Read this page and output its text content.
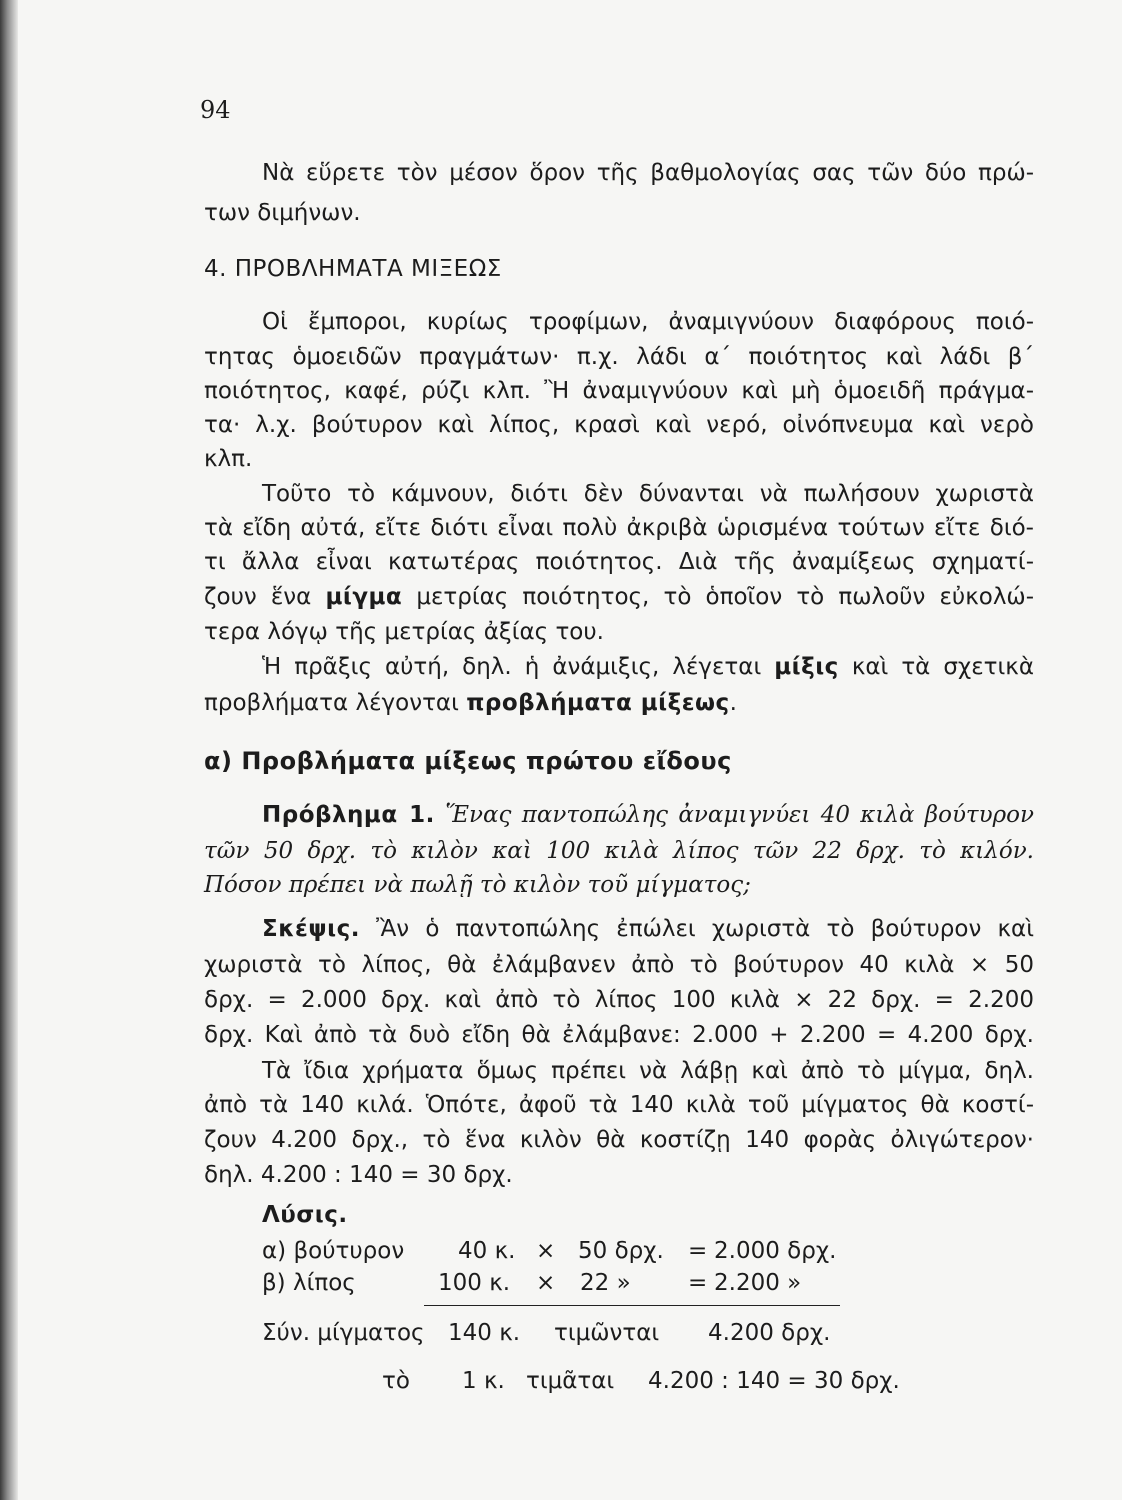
94
Νὰ εὕρετε τὸν μέσον ὅρον τῆς βαθμολογίας σας τῶν δύο πρώ-
των διμήνων.
4. ΠΡΟΒΛΗΜΑΤΑ ΜΙΞΕΩΣ
Οἱ ἔμποροι, κυρίως τροφίμων, ἀναμιγνύουν διαφόρους ποιό-
τητας ὁμοειδῶν πραγμάτων· π.χ. λάδι α΄ ποιότητος καὶ λάδι β΄
ποιότητος, καφέ, ρύζι κλπ. Ἢ ἀναμιγνύουν καὶ μὴ ὁμοειδῆ πράγμα-
τα· λ.χ. βούτυρον καὶ λίπος, κρασὶ καὶ νερό, οἰνόπνευμα καὶ νερὸ
κλπ.
Τοῦτο τὸ κάμνουν, διότι δὲν δύνανται νὰ πωλήσουν χωριστὰ
τὰ εἴδη αὐτά, εἴτε διότι εἶναι πολὺ ἀκριβὰ ὡρισμένα τούτων εἴτε διό-
τι ἄλλα εἶναι κατωτέρας ποιότητος. Διὰ τῆς ἀναμίξεως σχηματί-
ζουν ἕνα μίγμα μετρίας ποιότητος, τὸ ὁποῖον τὸ πωλοῦν εὐκολώ-
τερα λόγῳ τῆς μετρίας ἀξίας του.
Ἡ πρᾶξις αὐτή, δηλ. ἡ ἀνάμιξις, λέγεται μίξις καὶ τὰ σχετικὰ
προβλήματα λέγονται προβλήματα μίξεως.
α) Προβλήματα μίξεως πρώτου εἴδους
Πρόβλημα 1. Ἕνας παντοπώλης ἀναμιγνύει 40 κιλὰ βούτυρον
τῶν 50 δρχ. τὸ κιλὸν καὶ 100 κιλὰ λίπος τῶν 22 δρχ. τὸ κιλόν.
Πόσον πρέπει νὰ πωλῇ τὸ κιλὸν τοῦ μίγματος;
Σκέψις. Ἂν ὁ παντοπώλης ἐπώλει χωριστὰ τὸ βούτυρον καὶ
χωριστὰ τὸ λίπος, θὰ ἐλάμβανεν ἀπὸ τὸ βούτυρον 40 κιλὰ × 50
δρχ. = 2.000 δρχ. καὶ ἀπὸ τὸ λίπος 100 κιλὰ × 22 δρχ. = 2.200
δρχ. Καὶ ἀπὸ τὰ δυὸ εἴδη θὰ ἐλάμβανε: 2.000 + 2.200 = 4.200 δρχ.
Τὰ ἴδια χρήματα ὅμως πρέπει νὰ λάβῃ καὶ ἀπὸ τὸ μίγμα, δηλ.
ἀπὸ τὰ 140 κιλά. Ὁπότε, ἀφοῦ τὰ 140 κιλὰ τοῦ μίγματος θὰ κοστί-
ζουν 4.200 δρχ., τὸ ἕνα κιλὸν θὰ κοστίζῃ 140 φορὰς ὀλιγώτερον·
δηλ. 4.200 : 140 = 30 δρχ.
Λύσις.
α) βούτυρον 40 κ. × 50 δρχ. = 2.000 δρχ.
β) λίπος	100 κ. × 22 » = 2.200 »
Σύν. μίγματος 140 κ. τιμῶνται 4.200 δρχ.
τὸ 1 κ. τιμᾶται 4.200 : 140 = 30 δρχ.
